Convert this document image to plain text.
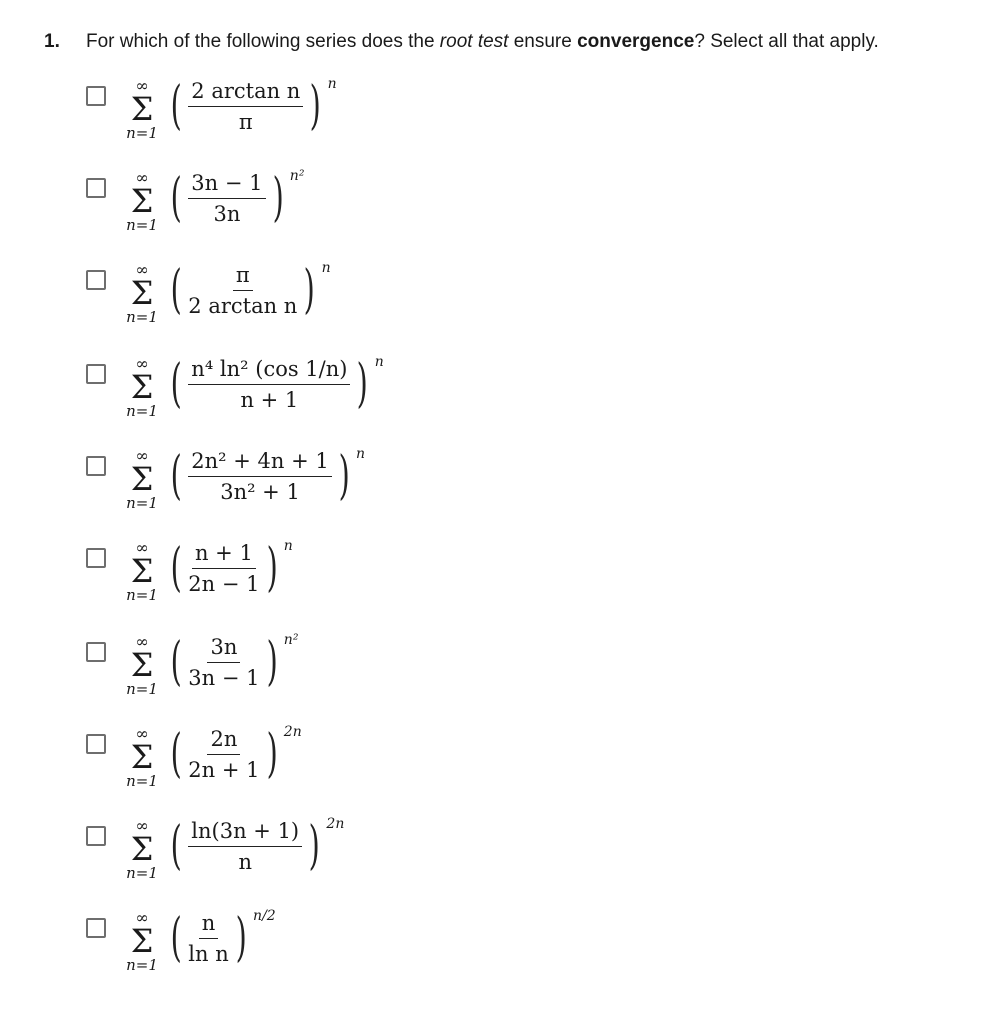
1. For which of the following series does the root test ensure convergence? Select all that apply.
∞
Σ
n=1 ( $\frac{\text{2 arctan n}}{\pi}$ ) n
∞
Σ
n=1 ( $\frac{3n - 1}{3n}$ ) n²
∞
Σ
n=1 ( $\frac{\pi}{\text{2 arctan n}}$ ) n
∞
Σ
n=1 ( $\frac{\text{n⁴ ln² (cos 1/n)}}{n + 1}$ ) n
∞
Σ
n=1 ( $\frac{\text{2n² + 4n + 1}}{\text{3n² + 1}}$ ) n
∞
Σ
n=1 ( $\frac{n + 1}{2n - 1}$ ) n
∞
Σ
n=1 ( $\frac{3n}{3n - 1}$ ) n²
∞
Σ
n=1 ( $\frac{2n}{2n + 1}$ ) 2n
∞
Σ
n=1 ( $\frac{\ln(3n + 1)}{n}$ ) 2n
∞
Σ
n=1 ( $\frac{n}{\text{ln n}}$ ) n/2
